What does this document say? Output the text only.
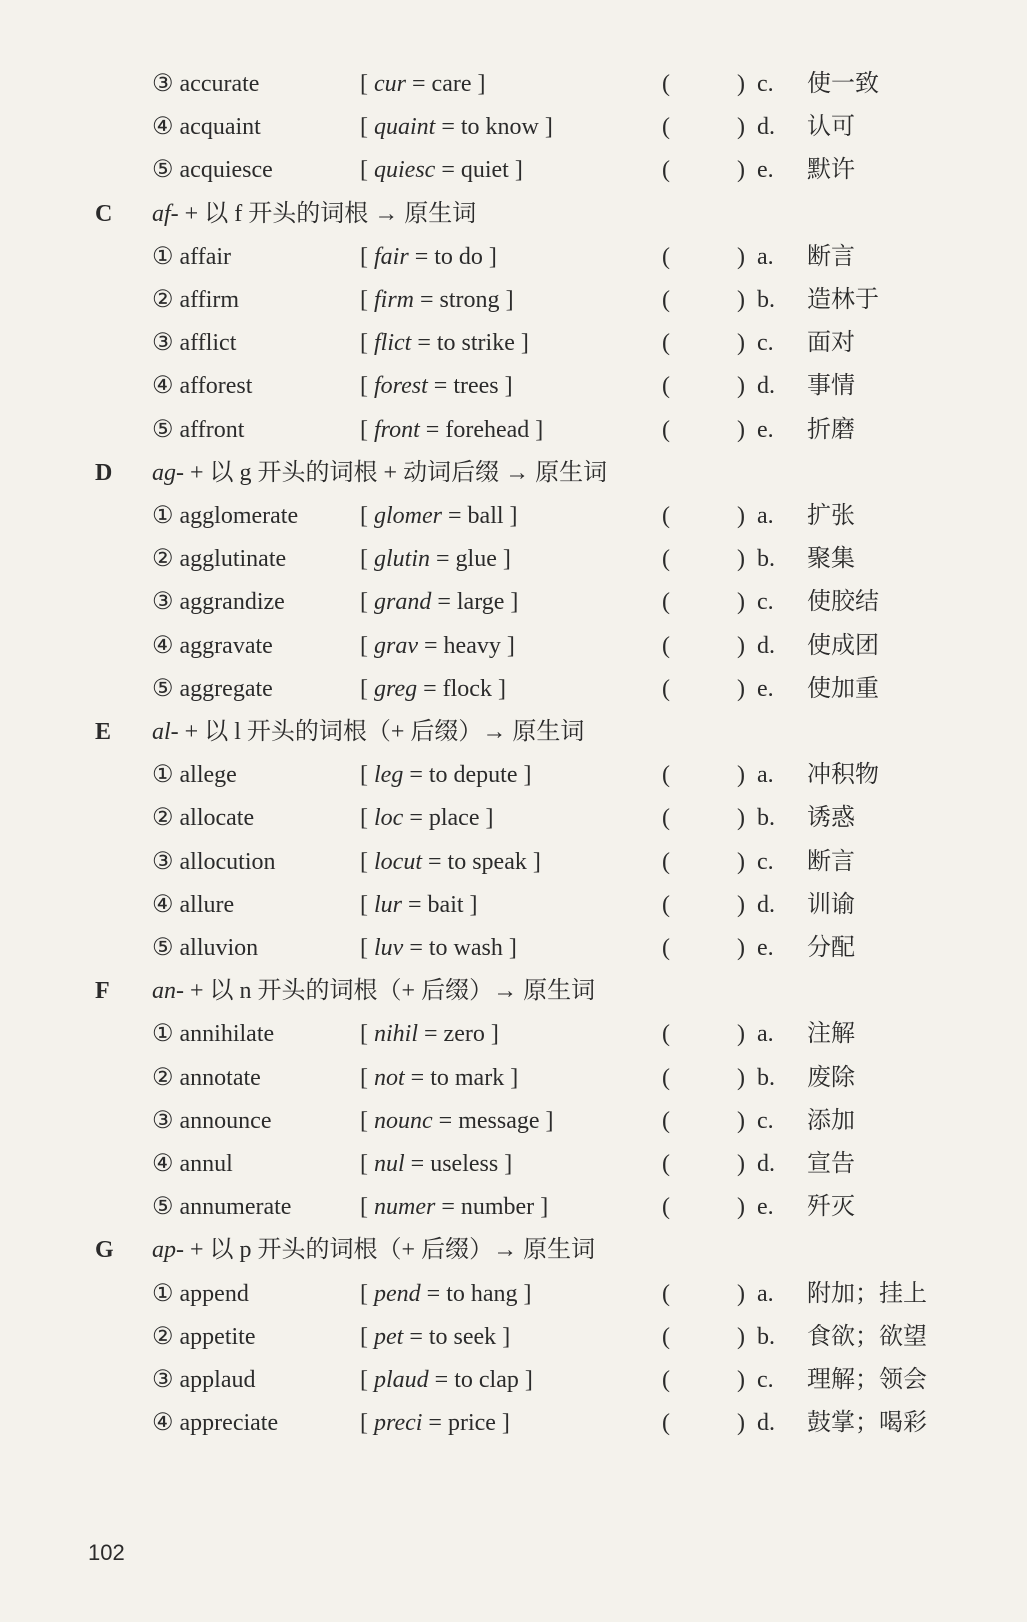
③ accurate	[ cur = care ]	(	) c. 使一致
④ acquaint	[ quaint = to know ]	(	) d. 认可
⑤ acquiesce	[ quiesc = quiet ]	(	) e. 默许
C af- + 以 f 开头的词根 → 原生词
① affair	[ fair = to do ]	(	) a. 断言
② affirm	[ firm = strong ]	(	) b. 造林于
③ afflict	[ flict = to strike ]	(	) c. 面对
④ afforest	[ forest = trees ]	(	) d. 事情
⑤ affront	[ front = forehead ]	(	) e. 折磨
D ag- + 以 g 开头的词根 + 动词后缀 → 原生词
① agglomerate	[ glomer = ball ]	(	) a. 扩张
② agglutinate	[ glutin = glue ]	(	) b. 聚集
③ aggrandize	[ grand = large ]	(	) c. 使胶结
④ aggravate	[ grav = heavy ]	(	) d. 使成团
⑤ aggregate	[ greg = flock ]	(	) e. 使加重
E al- + 以 l 开头的词根（+ 后缀）→ 原生词
① allege	[ leg = to depute ]	(	) a. 冲积物
② allocate	[ loc = place ]	(	) b. 诱惑
③ allocution	[ locut = to speak ]	(	) c. 断言
④ allure	[ lur = bait ]	(	) d. 训谕
⑤ alluvion	[ luv = to wash ]	(	) e. 分配
F an- + 以 n 开头的词根（+ 后缀）→ 原生词
① annihilate	[ nihil = zero ]	(	) a. 注解
② annotate	[ not = to mark ]	(	) b. 废除
③ announce	[ nounc = message ]	(	) c. 添加
④ annul	[ nul = useless ]	(	) d. 宣告
⑤ annumerate	[ numer = number ]	(	) e. 歼灭
G ap- + 以 p 开头的词根（+ 后缀）→ 原生词
① append	[ pend = to hang ]	(	) a. 附加；挂上
② appetite	[ pet = to seek ]	(	) b. 食欲；欲望
③ applaud	[ plaud = to clap ]	(	) c. 理解；领会
④ appreciate	[ preci = price ]	(	) d. 鼓掌；喝彩
102
